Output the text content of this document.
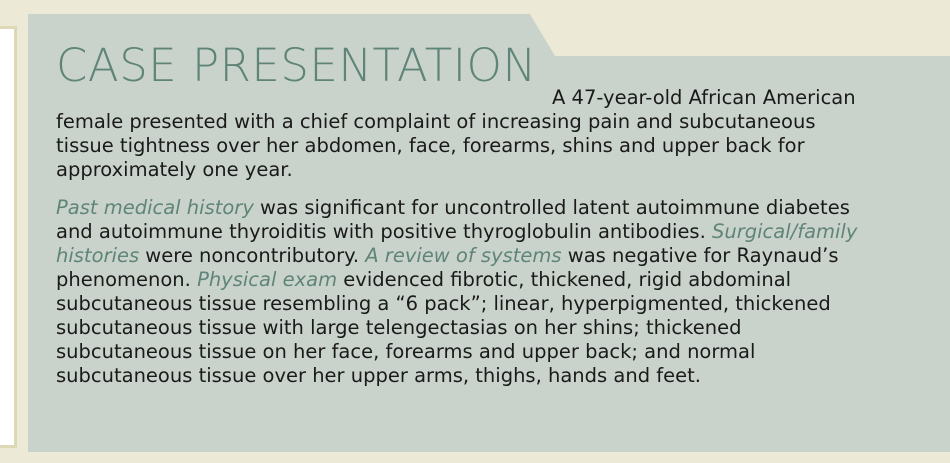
CASE PRESENTATION

A 47-year-old African American
female presented with a chief complaint of increasing pain and subcutaneous tissue tightness over her abdomen, face, forearms, shins and upper back for approximately one year.

Past medical history was significant for uncontrolled latent autoimmune diabetes and autoimmune thyroiditis with positive thyroglobulin antibodies. Surgical/family histories were noncontributory. A review of systems was negative for Raynaud’s phenomenon. Physical exam evidenced fibrotic, thickened, rigid abdominal subcutaneous tissue resembling a “6 pack”; linear, hyperpigmented, thickened subcutaneous tissue with large telengectasias on her shins; thickened subcutaneous tissue on her face, forearms and upper back; and normal subcutaneous tissue over her upper arms, thighs, hands and feet.
